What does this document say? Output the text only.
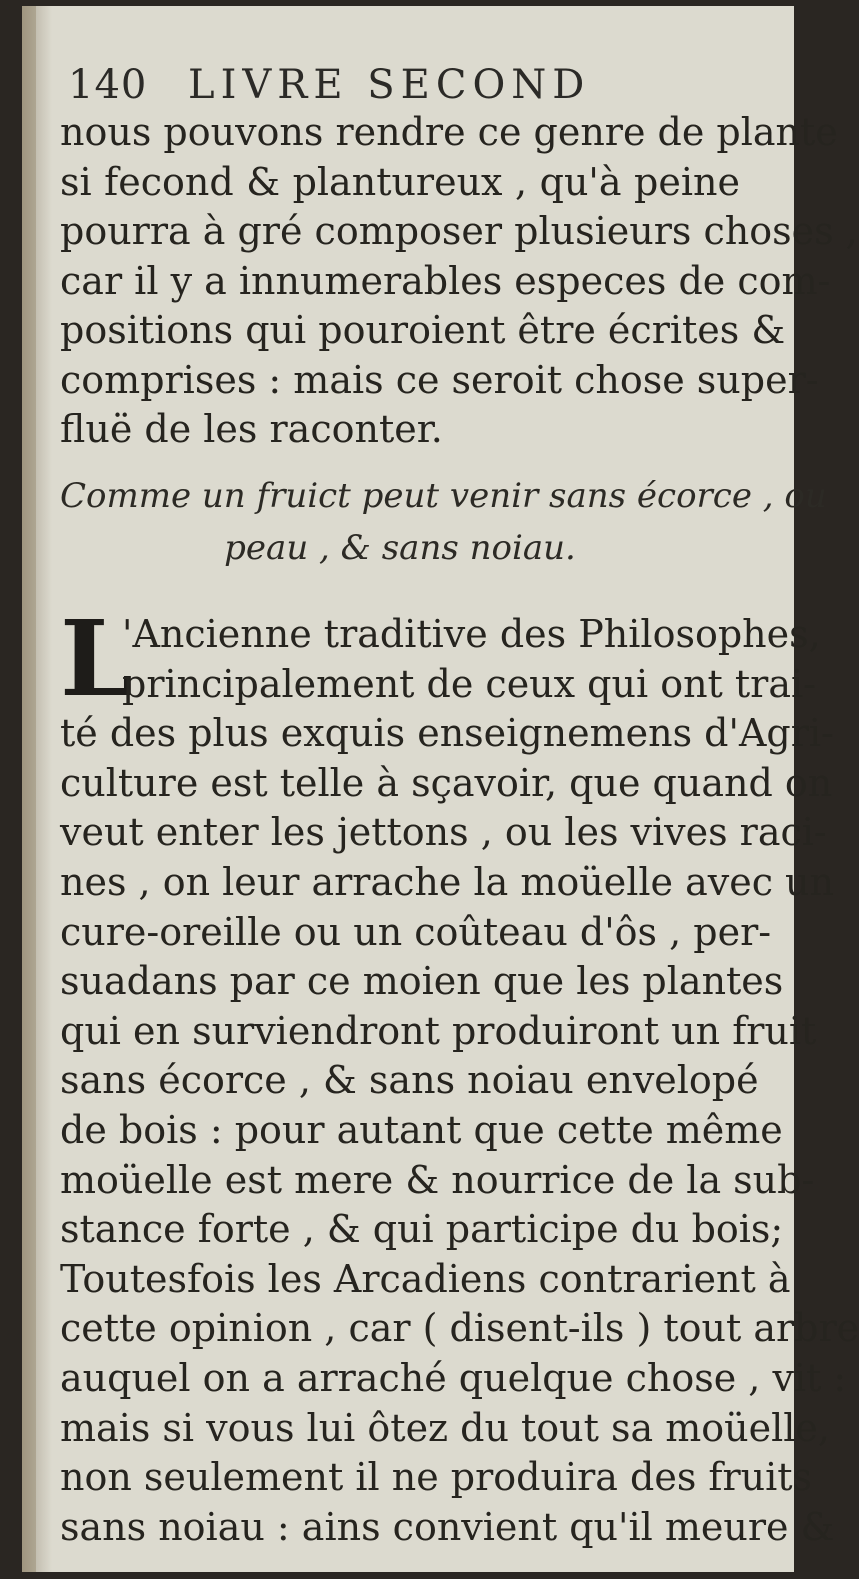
140 LIVRE SECOND
nous pouvons rendre ce genre de plante
si fecond & plantureux , qu'à peine
pourra à gré composer plusieurs choses ,
car il y a innumerables especes de com-
positions qui pouroient être écrites &
comprises : mais ce seroit chose super-
fluë de les raconter.
Comme un fruict peut venir sans écorce , ou
peau , & sans noiau.
L
'Ancienne traditive des Philosophes,
principalement de ceux qui ont trai-
té des plus exquis enseignemens d'Agri-
culture est telle à sçavoir, que quand on
veut enter les jettons , ou les vives raci-
nes , on leur arrache la moüelle avec un
cure-oreille ou un coûteau d'ôs , per-
suadans par ce moien que les plantes
qui en surviendront produiront un fruit
sans écorce , & sans noiau envelopé
de bois : pour autant que cette même
moüelle est mere & nourrice de la sub-
stance forte , & qui participe du bois;
Toutesfois les Arcadiens contrarient à
cette opinion , car ( disent-ils ) tout arbre
auquel on a arraché quelque chose , vit :
mais si vous lui ôtez du tout sa moüelle,
non seulement il ne produira des fruits
sans noiau : ains convient qu'il meure &
